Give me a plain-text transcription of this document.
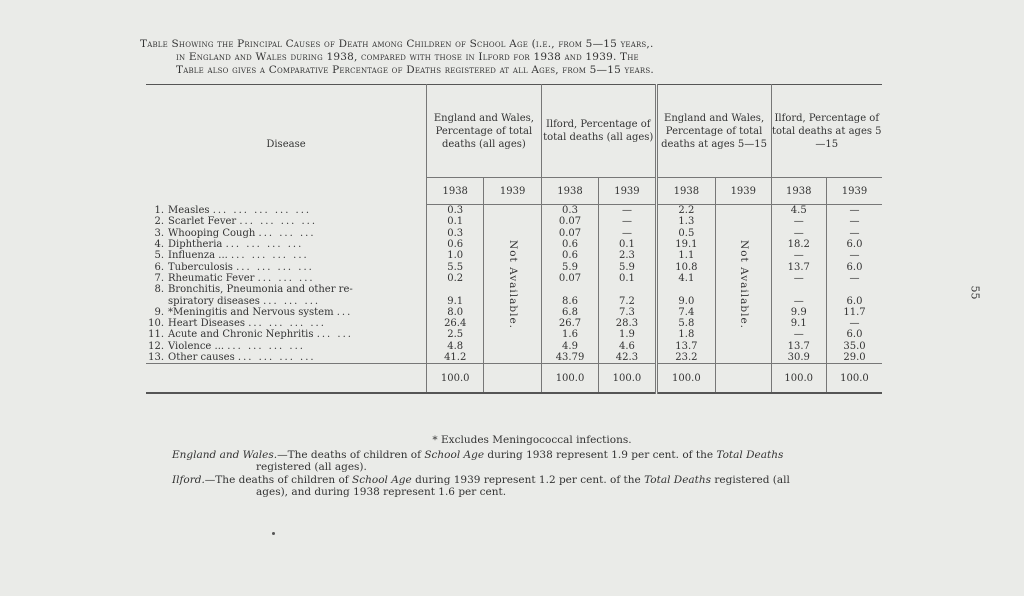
Table Showing the Principal Causes of Death among Children of School Age (i.e., from 5—15 years,.
in England and Wales during 1938, compared with those in Ilford for 1938 and 1939. The
Table also gives a Comparative Percentage of Deaths registered at all Ages, from 5—15 years.
55
Disease	England and Wales, Percentage of total deaths (all ages)		Ilford, Percentage of total deaths (all ages)		England and Wales, Percentage of total deaths at ages 5—15		Ilford, Percentage of total deaths at ages 5—15	
	1938	1939	1938	1939	1938	1939	1938	1939
1. Measles ... ... ... ... ...	0.3	Not Available.	0.3	—	2.2	Not Available.	4.5	—
2. Scarlet Fever ... ... ... ...	0.1		0.07	—	1.3		—	—
3. Whooping Cough ... ... ...	0.3		0.07	—	0.5		—	—
4. Diphtheria ... ... ... ...	0.6		0.6	0.1	19.1		18.2	6.0
5. Influenza ... ... ... ... ...	1.0		0.6	2.3	1.1		—	—
6. Tuberculosis ... ... ... ...	5.5		5.9	5.9	10.8		13.7	6.0
7. Rheumatic Fever ... ... ...	0.2		0.07	0.1	4.1		—	—
8. Bronchitis, Pneumonia and other re-								
spiratory diseases ... ... ...	9.1		8.6	7.2	9.0		—	6.0
9. *Meningitis and Nervous system ...	8.0		6.8	7.3	7.4		9.9	11.7
10. Heart Diseases ... ... ... ...	26.4		26.7	28.3	5.8		9.1	—
11. Acute and Chronic Nephritis ... ...	2.5		1.6	1.9	1.8		—	6.0
12. Violence ... ... ... ... ...	4.8		4.9	4.6	13.7		13.7	35.0
13. Other causes ... ... ... ...	41.2		43.79	42.3	23.2		30.9	29.0
	100.0		100.0	100.0	100.0		100.0	100.0
* Excludes Meningococcal infections.

England and Wales.—The deaths of children of School Age during 1938 represent 1.9 per cent. of the Total Deaths

registered (all ages).

Ilford.—The deaths of children of School Age during 1939 represent 1.2 per cent. of the Total Deaths registered (all

ages), and during 1938 represent 1.6 per cent.
